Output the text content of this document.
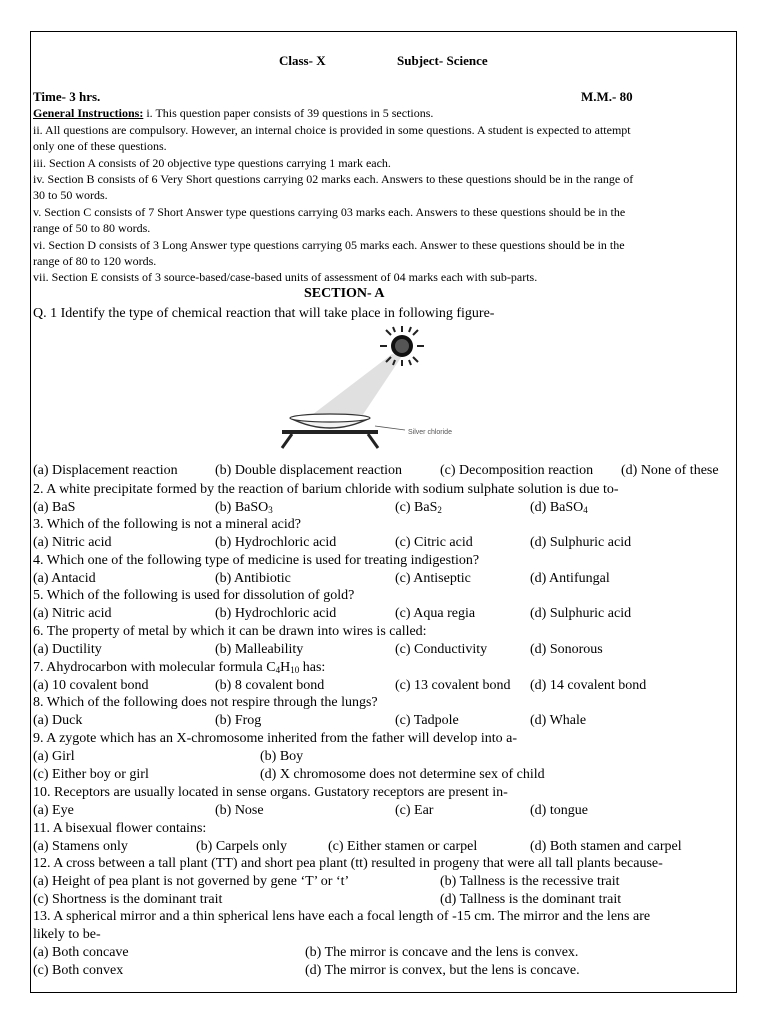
Class- X	Subject- Science
Time- 3 hrs.	M.M.- 80
General Instructions: i. This question paper consists of 39 questions in 5 sections.
ii. All questions are compulsory. However, an internal choice is provided in some questions. A student is expected to attempt
only one of these questions.
iii. Section A consists of 20 objective type questions carrying 1 mark each.
iv. Section B consists of 6 Very Short questions carrying 02 marks each. Answers to these questions should be in the range of
30 to 50 words.
v. Section C consists of 7 Short Answer type questions carrying 03 marks each. Answers to these questions should be in the
range of 50 to 80 words.
vi. Section D consists of 3 Long Answer type questions carrying 05 marks each. Answer to these questions should be in the
range of 80 to 120 words.
vii. Section E consists of 3 source-based/case-based units of assessment of 04 marks each with sub-parts.
SECTION- A
Q. 1 Identify the type of chemical reaction that will take place in following figure-
Silver chloride
(a) Displacement reaction	(b) Double displacement reaction	(c) Decomposition reaction (d) None of these
2. A white precipitate formed by the reaction of barium chloride with sodium sulphate solution is due to-
(a) BaS	(b) BaSO$_3$	(c) BaS$_2$	(d) BaSO$_4$
3. Which of the following is not a mineral acid?
(a) Nitric acid	(b) Hydrochloric acid	(c) Citric acid	(d) Sulphuric acid
4. Which one of the following type of medicine is used for treating indigestion?
(a) Antacid	(b) Antibiotic	(c) Antiseptic	(d) Antifungal
5. Which of the following is used for dissolution of gold?
(a) Nitric acid	(b) Hydrochloric acid	(c) Aqua regia	(d) Sulphuric acid
6. The property of metal by which it can be drawn into wires is called:
(a) Ductility	(b) Malleability	(c) Conductivity	(d) Sonorous
7. Ahydrocarbon with molecular formula $C_4H_{10}$ has:
(a) 10 covalent bond	(b) 8 covalent bond	(c) 13 covalent bond (d) 14 covalent bond
8. Which of the following does not respire through the lungs?
(a) Duck	(b) Frog	(c) Tadpole	(d) Whale
9. A zygote which has an X-chromosome inherited from the father will develop into a-
(a) Girl	(b) Boy
(c) Either boy or girl	(d) X chromosome does not determine sex of child
10. Receptors are usually located in sense organs. Gustatory receptors are present in-
(a) Eye	(b) Nose	(c) Ear	(d) tongue
11. A bisexual flower contains:
(a) Stamens only	(b) Carpels only	(c) Either stamen or carpel	(d) Both stamen and carpel
12. A cross between a tall plant (TT) and short pea plant (tt) resulted in progeny that were all tall plants because-
(a) Height of pea plant is not governed by gene ‘T’ or ‘t’	(b) Tallness is the recessive trait
(c) Shortness is the dominant trait	(d) Tallness is the dominant trait
13. A spherical mirror and a thin spherical lens have each a focal length of -15 cm. The mirror and the lens are
likely to be-
(a) Both concave	(b) The mirror is concave and the lens is convex.
(c) Both convex	(d) The mirror is convex, but the lens is concave.
